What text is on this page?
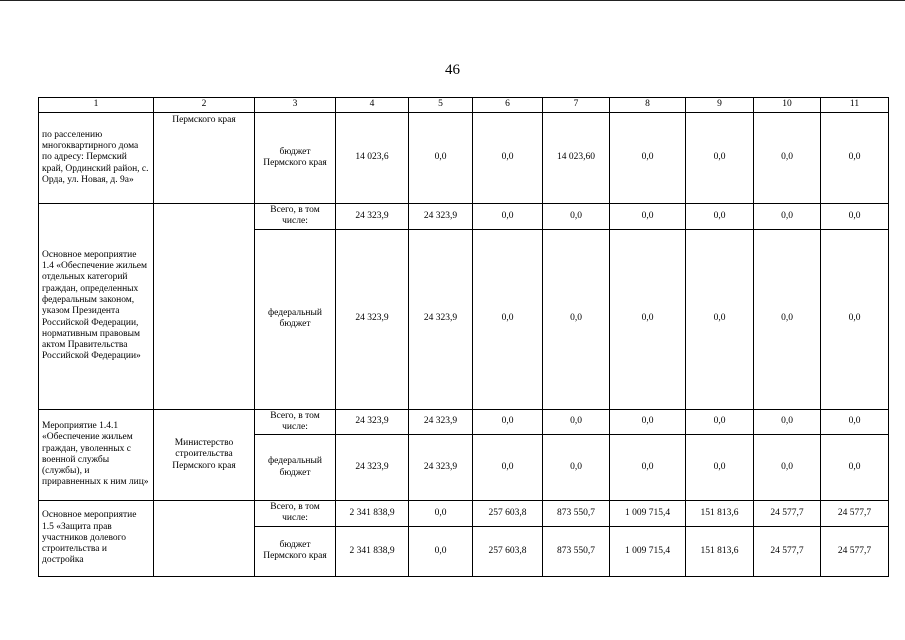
46
1	2	3	4	5	6	7	8	9	10	11
по расселению многоквартирного дома по адресу: Пермский край, Ординский район, с. Орда, ул. Новая, д. 9а»	Пермского края	бюджет Пермского края	14 023,6	0,0	0,0	14 023,60	0,0	0,0	0,0	0,0
Основное мероприятие 1.4 «Обеспечение жильем отдельных категорий граждан, определенных федеральным законом, указом Президента Российской Федерации, нормативным правовым актом Правительства Российской Федерации»		Всего, в том числе:	24 323,9	24 323,9	0,0	0,0	0,0	0,0	0,0	0,0
		федеральный бюджет	24 323,9	24 323,9	0,0	0,0	0,0	0,0	0,0	0,0
Мероприятие 1.4.1 «Обеспечение жильем граждан, уволенных с военной службы (службы), и приравненных к ним лиц»	Министерство строительства Пермского края	Всего, в том числе:	24 323,9	24 323,9	0,0	0,0	0,0	0,0	0,0	0,0
		федеральный бюджет	24 323,9	24 323,9	0,0	0,0	0,0	0,0	0,0	0,0
Основное мероприятие 1.5 «Защита прав участников долевого строительства и достройка		Всего, в том числе:	2 341 838,9	0,0	257 603,8	873 550,7	1 009 715,4	151 813,6	24 577,7	24 577,7
		бюджет Пермского края	2 341 838,9	0,0	257 603,8	873 550,7	1 009 715,4	151 813,6	24 577,7	24 577,7
